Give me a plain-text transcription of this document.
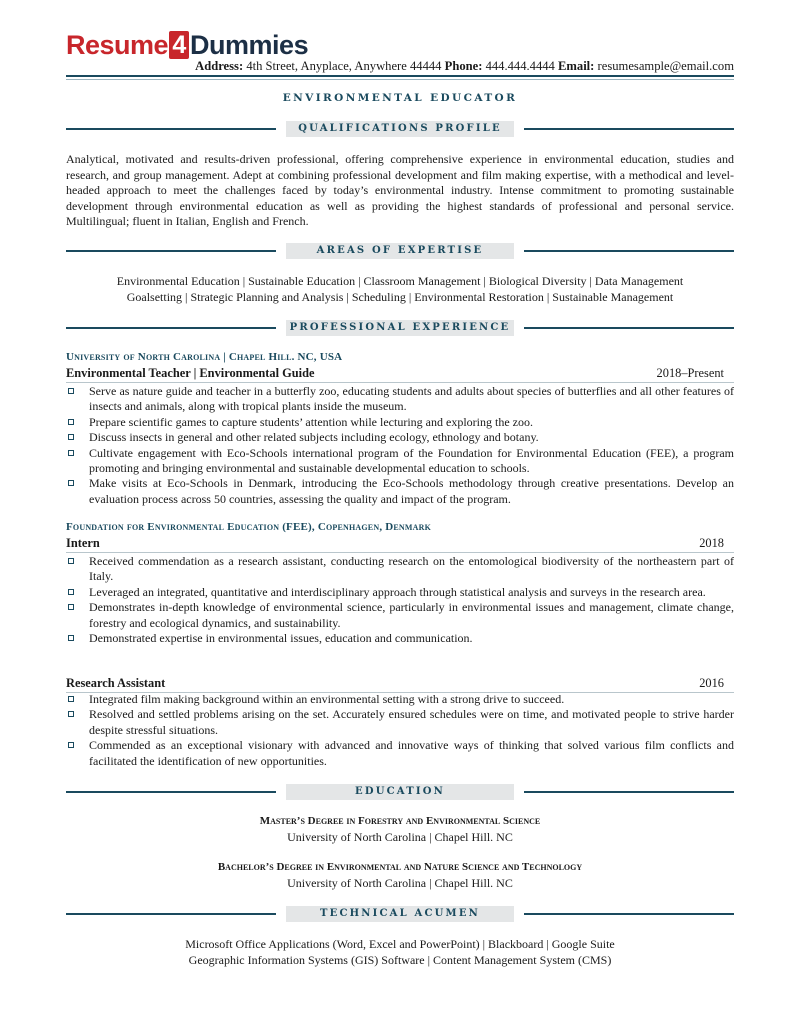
Resume 4 Dummies
Address: 4th Street, Anyplace, Anywhere 44444 Phone: 444.444.4444 Email: resumesample@email.com
ENVIRONMENTAL EDUCATOR
QUALIFICATIONS PROFILE
Analytical, motivated and results-driven professional, offering comprehensive experience in environmental education, studies and research, and group management. Adept at combining professional development and film making expertise, with a methodical and level-headed approach to meet the challenges faced by today’s environmental industry. Intense commitment to promoting sustainable development through environmental education as well as providing the highest standards of professional and personal service. Multilingual; fluent in Italian, English and French.
AREAS OF EXPERTISE
Environmental Education | Sustainable Education | Classroom Management | Biological Diversity | Data Management
Goalsetting | Strategic Planning and Analysis | Scheduling | Environmental Restoration | Sustainable Management
PROFESSIONAL EXPERIENCE
University of North Carolina | Chapel Hill. NC, USA
Environmental Teacher | Environmental Guide	2018–Present
Serve as nature guide and teacher in a butterfly zoo, educating students and adults about species of butterflies and all other features of insects and animals, along with tropical plants inside the museum.
Prepare scientific games to capture students’ attention while lecturing and exploring the zoo.
Discuss insects in general and other related subjects including ecology, ethnology and botany.
Cultivate engagement with Eco-Schools international program of the Foundation for Environmental Education (FEE), a program promoting and bringing environmental and sustainable developmental education to schools.
Make visits at Eco-Schools in Denmark, introducing the Eco-Schools methodology through creative presentations. Develop an evaluation process across 50 countries, assessing the quality and impact of the program.
Foundation for Environmental Education (FEE), Copenhagen, Denmark
Intern	2018
Received commendation as a research assistant, conducting research on the entomological biodiversity of the northeastern part of Italy.
Leveraged an integrated, quantitative and interdisciplinary approach through statistical analysis and surveys in the research area.
Demonstrates in-depth knowledge of environmental science, particularly in environmental issues and management, climate change, forestry and ecological dynamics, and sustainability.
Demonstrated expertise in environmental issues, education and communication.
Research Assistant	2016
Integrated film making background within an environmental setting with a strong drive to succeed.
Resolved and settled problems arising on the set. Accurately ensured schedules were on time, and motivated people to strive harder despite stressful situations.
Commended as an exceptional visionary with advanced and innovative ways of thinking that solved various film conflicts and facilitated the identification of new opportunities.
EDUCATION
Master’s Degree in Forestry and Environmental Science
University of North Carolina | Chapel Hill. NC
Bachelor’s Degree in Environmental and Nature Science and Technology
University of North Carolina | Chapel Hill. NC
TECHNICAL ACUMEN
Microsoft Office Applications (Word, Excel and PowerPoint) | Blackboard | Google Suite
Geographic Information Systems (GIS) Software | Content Management System (CMS)
